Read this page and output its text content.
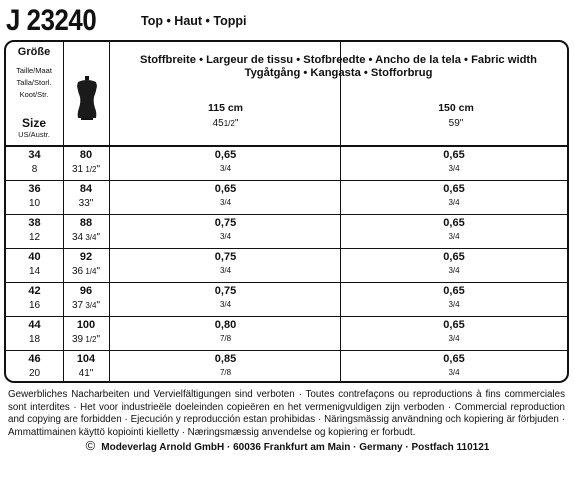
J 23240	Top • Haut • Toppi
Größe
Taille/Maat
Talla/Storl.
Koot/Str.
Size
US/Austr.
Stoffbreite • Largeur de tissu • Stofbreedte • Ancho de la tela • Fabric width Tygåtgång • Kangasta • Stofforbrug
115 cm
451/2"
150 cm
59"
34
8
80
31 1/2"
0,65
3/4
0,65
3/4
36
10
84
33"
0,65
3/4
0,65
3/4
38
12
88
34 3/4"
0,75
3/4
0,65
3/4
40
14
92
36 1/4"
0,75
3/4
0,65
3/4
42
16
96
37 3/4"
0,75
3/4
0,65
3/4
44
18
100
39 1/2"
0,80
7/8
0,65
3/4
46
20
104
41"
0,85
7/8
0,65
3/4
Gewerbliches Nacharbeiten und Vervielfältigungen sind verboten · Toutes contrefaçons ou reproductions à fins commerciales sont interdites · Het voor industrieële doeleinden copieëren en het vermenigvuldigen zijn verboden · Commercial reproduction and copying are forbidden · Ejecución y reproducción estan prohibidas · Näringsmässig användning och kopiering är förbjuden · Ammattimainen käyttö kopiointi kielletty · Næringsmæssig anvendelse og kopiering er forbudt.
© Modeverlag Arnold GmbH · 60036 Frankfurt am Main · Germany · Postfach 110121
